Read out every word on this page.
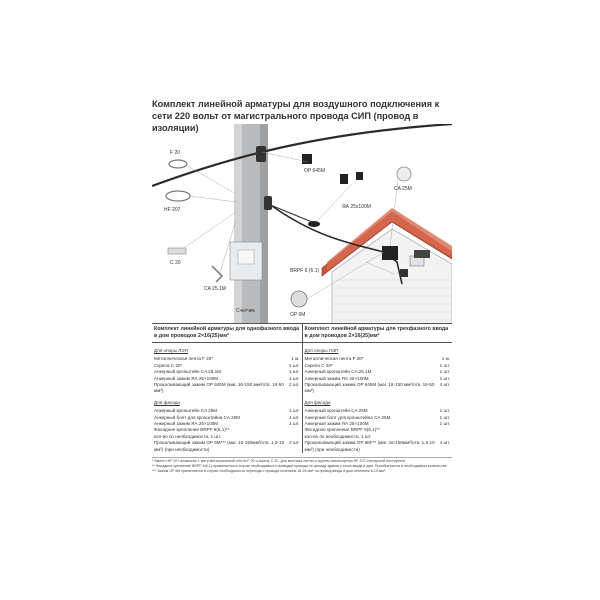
Комплект линейной арматуры для воздушного подключения к сети 220 вольт от магистрального провода СИП (провод в изоляции)
F 20
НF 207
С 20
CA 25.1M
Счетчик
OP 645M
ЯА 25x100M
CA 25M
BRPF 6 (6.1)
OP 6M
Комплект линейной арматуры для однофазного ввода в дом проводов 2×16(25)мм²
Комплект линейной арматуры для трехфазного ввода в дом проводов 2×16(25)мм²
Для опоры ЛЭП
Металлическая лента F 20*	1 м.
Скрепа С 20*	1 шт.
Анкерный кронштейн CA 25.1M	1 шт.
Анкерный зажим ЯА 25×100M	1 шт.
Прокалывающий зажим OP 645M (маг. 16-150 мм²/отв. 16-50 мм²)
2 шт.
Для фасада
Анкерный кронштейн CA 25M	1 шт.
Анкерный болт для кронштейна CA 25M	1 шт.
Анкерный зажим ЯА 25×100M	1 шт.
Фасадное крепление BRPF 6(6.1)**
кол-во по необходимости, 1 шт.
Прокалывающий зажим OP 6M*** (маг. 16-150мм²/отв. 1,5-10 мм²) (при необходимости)
2 шт.
Для опоры ЛЭП
Металлическая лента F 20*	1 м.
Скрепа С 20*	1 шт.
Анкерный кронштейн CA 25.1M	1 шт.
Анкерный зажим ЯА 25×100M	1 шт.
Прокалывающий зажим OP 645M (маг. 16-150 мм²/отв. 16-50 мм²)
4 шт.
Для фасада
Анкерный кронштейн CA 25M	1 шт.
Анкерный болт для кронштейна CA 25M	1 шт.
Анкерный зажим ЯА 25×100M	1 шт.
Фасадное крепление BRPF 6(6.1)**
кол-во по необходимости, 1 шт.
Прокалывающий зажим OP 6M*** (маг. 16-150мм²/отв. 1,5-10 мм²) (при необходимости)
4 шт.
* Вместо НF 207 возможно 1 метр металлической ленты F 20 и скрепу С 20. Для монтажа ленты и скрепы используется НF 207 или ручной инструмент.
** Фасадное крепление BRPF 6(6.1) применяется в случае необходимости проводки провода по фасаду здания к точке ввода в дом. Приобретается в необходимом количестве.
*** Зажим OP 6M применяется в случае необходимости перехода с провода сечением 16-25 мм² на провод ввода в дом сечением 6-10 мм².
